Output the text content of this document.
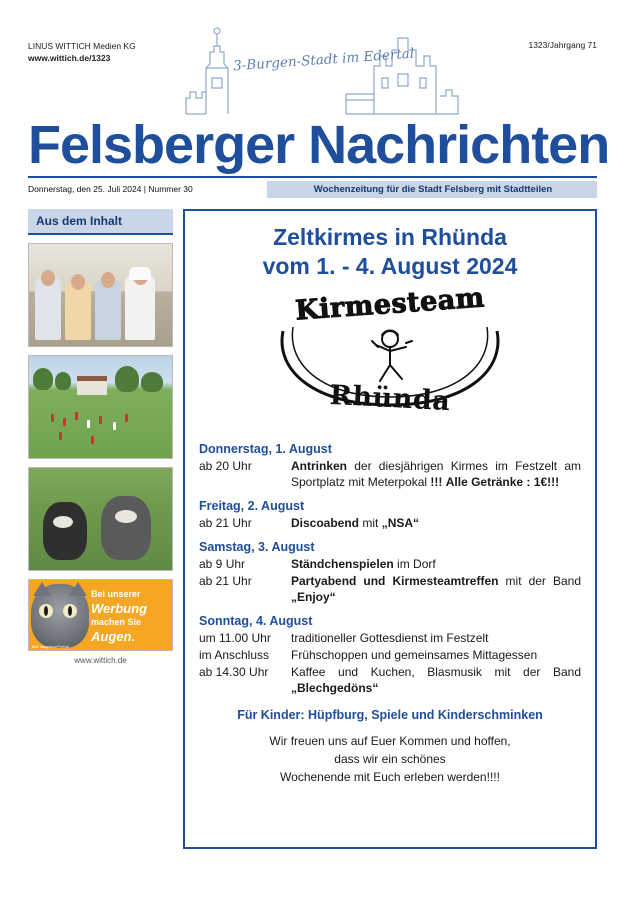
LINUS WITTICH Medien KG
www.wittich.de/1323
1323/Jahrgang 71
3-Burgen-Stadt im Edertal
Felsberger Nachrichten
Donnerstag, den 25. Juli 2024 | Nummer 30	Wochenzeitung für die Stadt Felsberg mit Stadtteilen
Aus dem Inhalt
Bei unserer
Werbung
machen Sie
Augen.
Bild: vecgostas/Freepik
www.wittich.de
Zeltkirmes in Rhünda
vom 1. - 4. August 2024
Kirmesteam
Rhünda
Donnerstag, 1. August
ab 20 Uhr	Antrinken der diesjährigen Kirmes im Festzelt am Sportplatz mit Meterpokal !!! Alle Getränke : 1€!!!
Freitag, 2. August
ab 21 Uhr	Discoabend mit „NSA“
Samstag, 3. August
ab 9 Uhr	Ständchenspielen im Dorf
ab 21 Uhr	Partyabend und Kirmesteamtreffen mit der Band „Enjoy“
Sonntag, 4. August
um 11.00 Uhr	traditioneller Gottesdienst im Festzelt
im Anschluss	Frühschoppen und gemeinsames Mittagessen
ab 14.30 Uhr	Kaffee und Kuchen, Blasmusik mit der Band „Blechgedöns“
Für Kinder: Hüpfburg, Spiele und Kinderschminken
Wir freuen uns auf Euer Kommen und hoffen,
dass wir ein schönes
Wochenende mit Euch erleben werden!!!!
